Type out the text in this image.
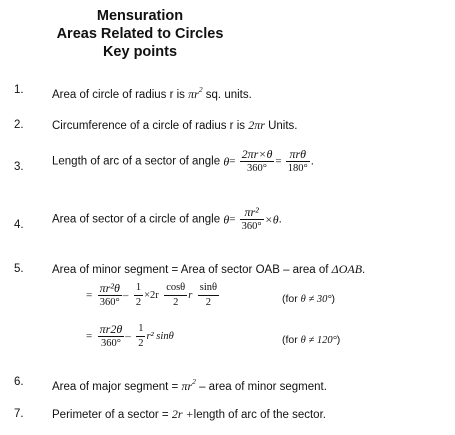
Mensuration
Areas Related to Circles
Key points
1. Area of circle of radius r is $\pi r^2$ sq. units.
2. Circumference of a circle of radius r is 2πr Units.
3. Length of arc of a sector of angle $\theta= \frac{2\pi r\times\theta}{360^\circ} = \frac{\text{πrθ}}{180^\circ}$ .
4. Area of sector of a circle of angle $\theta= \frac{\text{πr²}}{360^\circ} \times\theta$.
5. Area of minor segment = Area of sector OAB – area of ΔOAB.
= $\frac{\text{πr²θ}}{360^\circ} - \frac{1}{2} \times 2r \frac{\cos\theta}{2}$ r $\frac{\sin\theta}{2}$	(for θ ≠ 30°)
= $\frac{\pi r2\theta}{360^\circ} - \frac{1}{2} r^2$ sinθ	(for θ ≠ 120°)
6. Area of major segment = $\pi r^2$ – area of minor segment.
7. Perimeter of a sector = 2r +length of arc of the sector.
